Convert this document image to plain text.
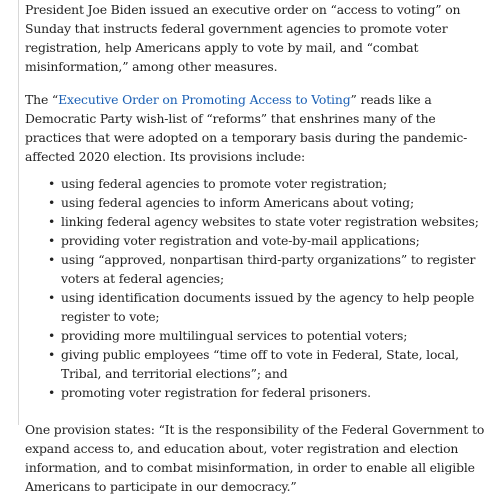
President Joe Biden issued an executive order on “access to voting” on Sunday that instructs federal government agencies to promote voter registration, help Americans apply to vote by mail, and “combat misinformation,” among other measures.

The “Executive Order on Promoting Access to Voting” reads like a Democratic Party wish-list of “reforms” that enshrines many of the practices that were adopted on a temporary basis during the pandemic-affected 2020 election. Its provisions include:

• using federal agencies to promote voter registration;
• using federal agencies to inform Americans about voting;
• linking federal agency websites to state voter registration websites;
• providing voter registration and vote-by-mail applications;
• using “approved, nonpartisan third-party organizations” to register voters at federal agencies;
• using identification documents issued by the agency to help people register to vote;
• providing more multilingual services to potential voters;
• giving public employees “time off to vote in Federal, State, local, Tribal, and territorial elections”; and
• promoting voter registration for federal prisoners.

One provision states: “It is the responsibility of the Federal Government to expand access to, and education about, voter registration and election information, and to combat misinformation, in order to enable all eligible Americans to participate in our democracy.”
